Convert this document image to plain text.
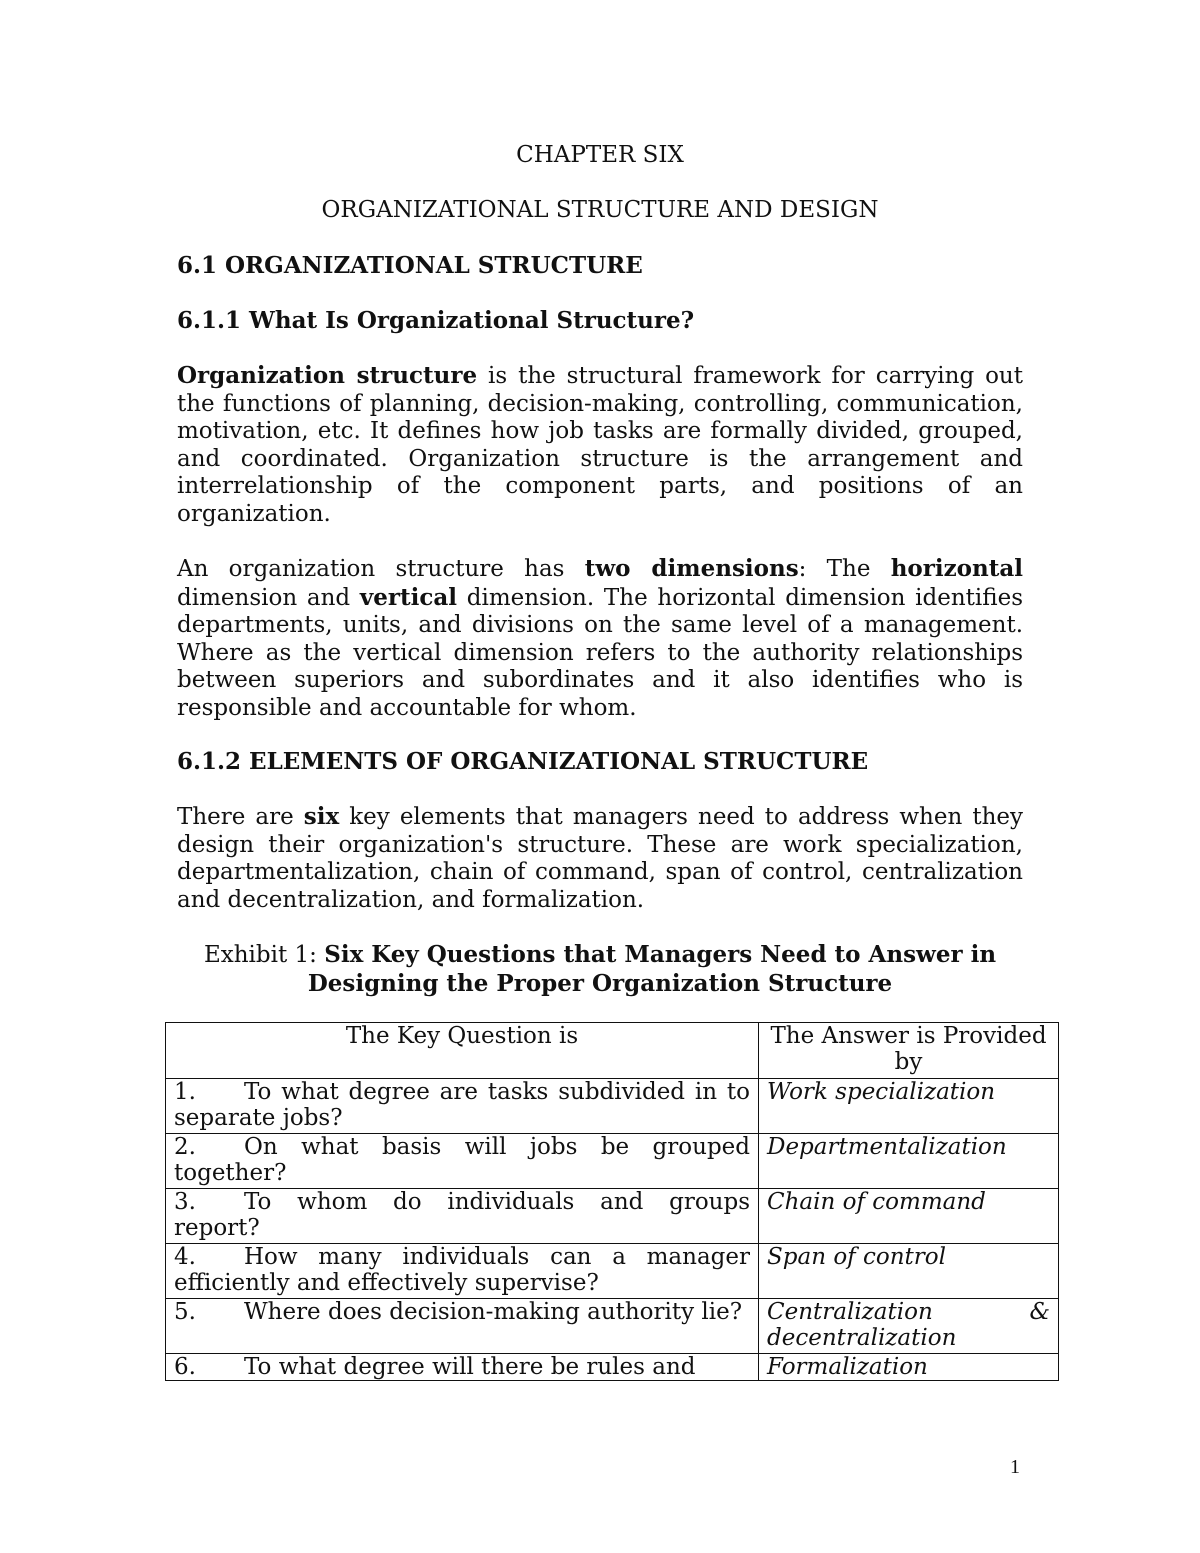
CHAPTER SIX
ORGANIZATIONAL STRUCTURE AND DESIGN
6.1 ORGANIZATIONAL STRUCTURE
6.1.1 What Is Organizational Structure?
Organization structure is the structural framework for carrying out the functions of planning, decision-making, controlling, communication, motivation, etc. It defines how job tasks are formally divided, grouped, and coordinated. Organization structure is the arrangement and interrelationship of the component parts, and positions of an organization.
An organization structure has two dimensions: The horizontal dimension and vertical dimension. The horizontal dimension identifies departments, units, and divisions on the same level of a management. Where as the vertical dimension refers to the authority relationships between superiors and subordinates and it also identifies who is responsible and accountable for whom.
6.1.2 ELEMENTS OF ORGANIZATIONAL STRUCTURE
There are six key elements that managers need to address when they design their organization's structure. These are work specialization, departmentalization, chain of command, span of control, centralization and decentralization, and formalization.
Exhibit 1: Six Key Questions that Managers Need to Answer in Designing the Proper Organization Structure
The Key Question is	The Answer is Provided by
1. To what degree are tasks subdivided in to separate jobs?	Work specialization
2. On what basis will jobs be grouped together?	Departmentalization
3. To whom do individuals and groups report?	Chain of command
4. How many individuals can a manager efficiently and effectively supervise?	Span of control
5. Where does decision-making authority lie?	Centralization & decentralization
6. To what degree will there be rules and	Formalization
1
